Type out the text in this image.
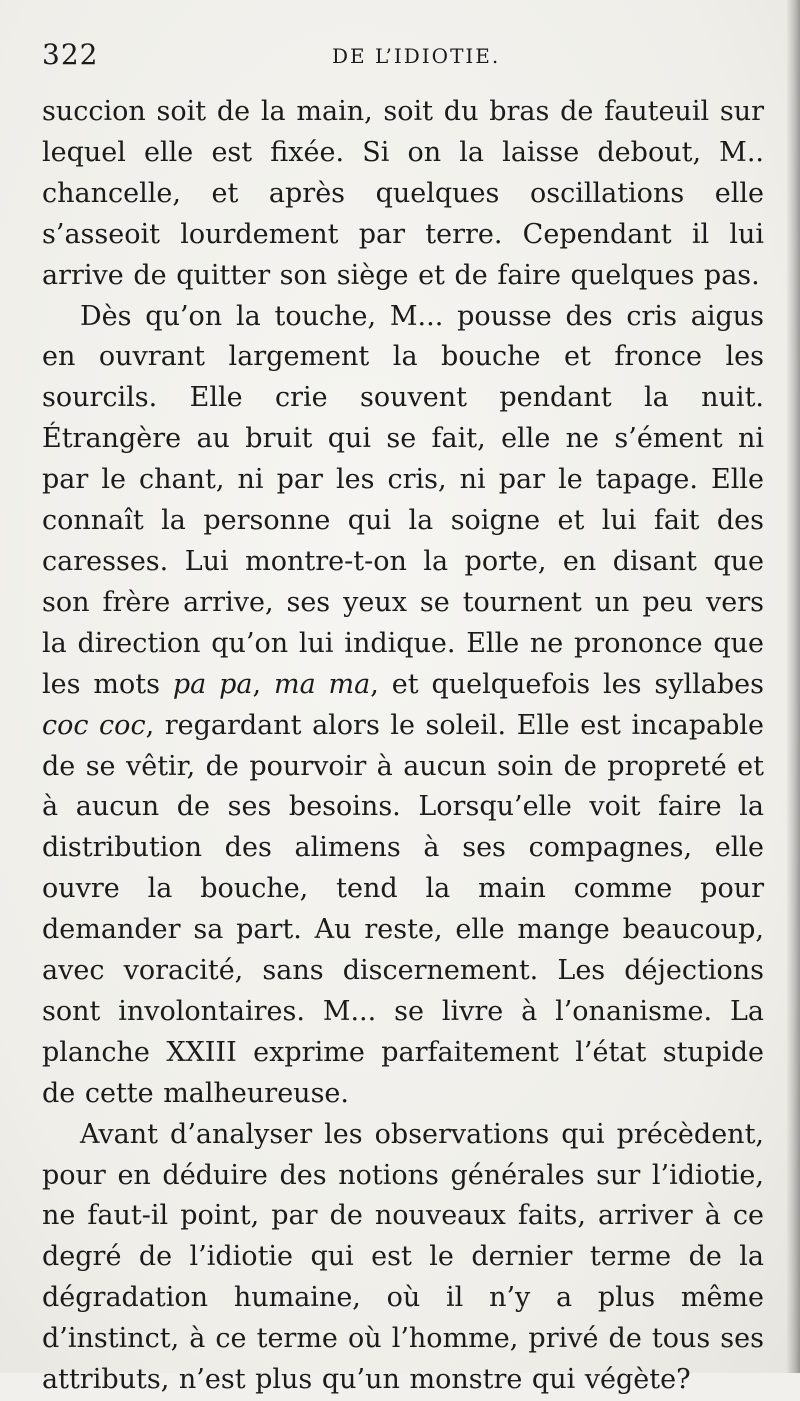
322	DE L’IDIOTIE.

succion soit de la main, soit du bras de fauteuil sur lequel elle est fixée. Si on la laisse debout, M.. chancelle, et après quelques oscillations elle s’asseoit lourdement par terre. Cependant il lui arrive de quitter son siège et de faire quelques pas.

Dès qu’on la touche, M... pousse des cris aigus en ouvrant largement la bouche et fronce les sourcils. Elle crie souvent pendant la nuit. Étrangère au bruit qui se fait, elle ne s’ément ni par le chant, ni par les cris, ni par le tapage. Elle connaît la personne qui la soigne et lui fait des caresses. Lui montre-t-on la porte, en disant que son frère arrive, ses yeux se tournent un peu vers la direction qu’on lui indique. Elle ne prononce que les mots pa pa, ma ma, et quelquefois les syllabes coc coc, regardant alors le soleil. Elle est incapable de se vêtir, de pourvoir à aucun soin de propreté et à aucun de ses besoins. Lorsqu’elle voit faire la distribution des alimens à ses compagnes, elle ouvre la bouche, tend la main comme pour demander sa part. Au reste, elle mange beaucoup, avec voracité, sans discernement. Les déjections sont involontaires. M... se livre à l’onanisme. La planche XXIII exprime parfaitement l’état stupide de cette malheureuse.

Avant d’analyser les observations qui précèdent, pour en déduire des notions générales sur l’idiotie, ne faut-il point, par de nouveaux faits, arriver à ce degré de l’idiotie qui est le dernier terme de la dégradation humaine, où il n’y a plus même d’instinct, à ce terme où l’homme, privé de tous ses attributs, n’est plus qu’un monstre qui végète?
